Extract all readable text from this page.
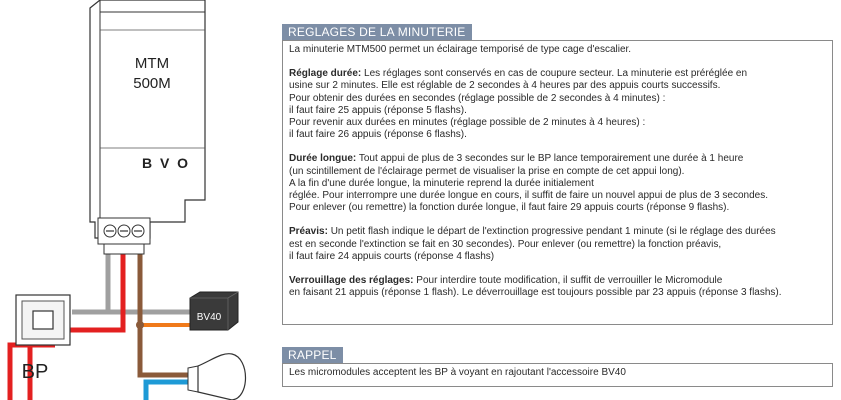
MTM
500M
B V O
BV40
BP
REGLAGES DE LA MINUTERIE

La minuterie MTM500 permet un éclairage temporisé de type cage d'escalier.

Réglage durée: Les réglages sont conservés en cas de coupure secteur. La minuterie est préréglée en
usine sur 2 minutes. Elle est réglable de 2 secondes à 4 heures par des appuis courts successifs.
Pour obtenir des durées en secondes (réglage possible de 2 secondes à 4 minutes) :
il faut faire 25 appuis (réponse 5 flashs).
Pour revenir aux durées en minutes (réglage possible de 2 minutes à 4 heures) :
il faut faire 26 appuis (réponse 6 flashs).

Durée longue: Tout appui de plus de 3 secondes sur le BP lance temporairement une durée à 1 heure
(un scintillement de l'éclairage permet de visualiser la prise en compte de cet appui long).
A la fin d'une durée longue, la minuterie reprend la durée initialement
réglée. Pour interrompre une durée longue en cours, il suffit de faire un nouvel appui de plus de 3 secondes.
Pour enlever (ou remettre) la fonction durée longue, il faut faire 29 appuis courts (réponse 9 flashs).

Préavis: Un petit flash indique le départ de l'extinction progressive pendant 1 minute (si le réglage des durées
est en seconde l'extinction se fait en 30 secondes). Pour enlever (ou remettre) la fonction préavis,
il faut faire 24 appuis courts (réponse 4 flashs)

Verrouillage des réglages: Pour interdire toute modification, il suffit de verrouiller le Micromodule
en faisant 21 appuis (réponse 1 flash). Le déverrouillage est toujours possible par 23 appuis (réponse 3 flashs).

RAPPEL
Les micromodules acceptent les BP à voyant en rajoutant l'accessoire BV40
